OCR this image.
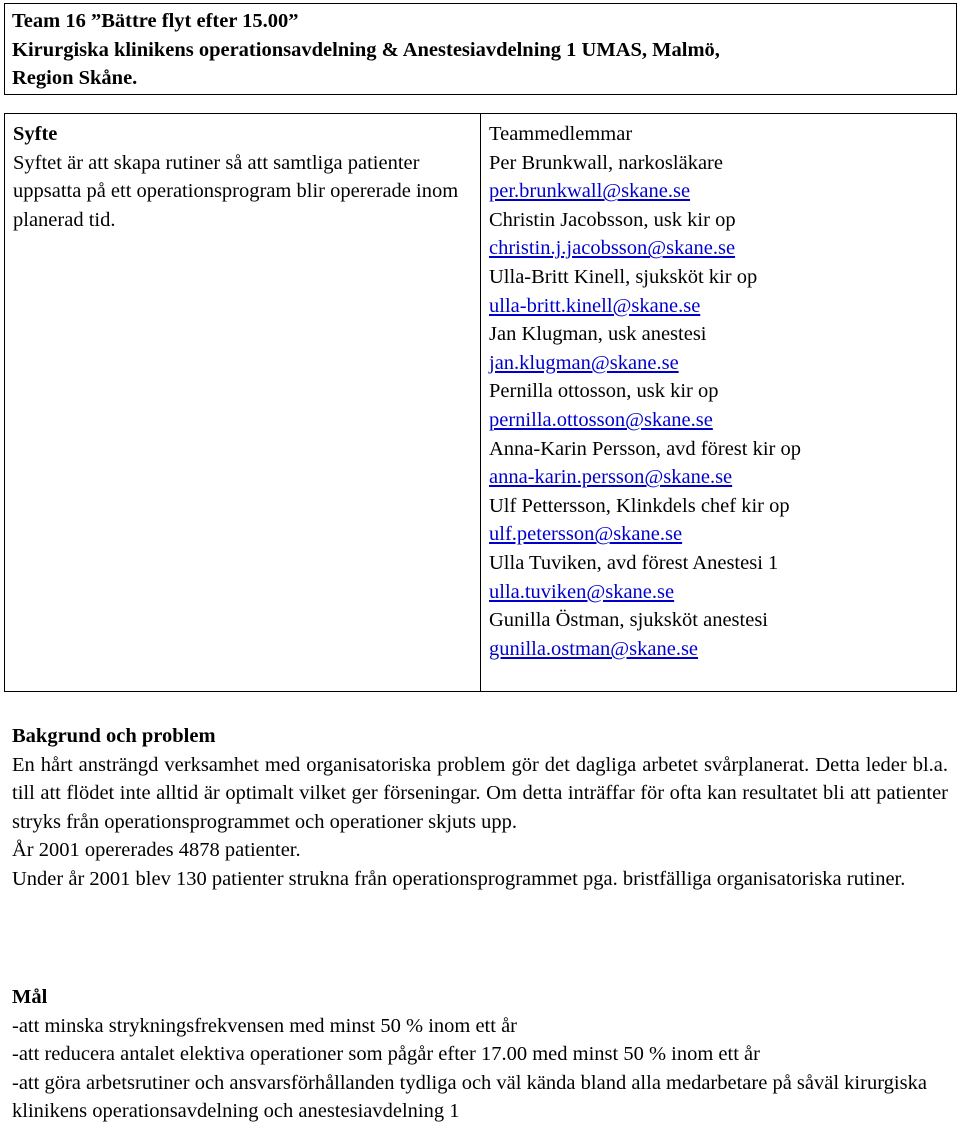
Team 16 ”Bättre flyt efter 15.00”
Kirurgiska klinikens operationsavdelning & Anestesiavdelning 1 UMAS, Malmö,
Region Skåne.
Syfte

Syftet är att skapa rutiner så att samtliga patienter uppsatta på ett operationsprogram blir opererade inom planerad tid.

Teammedlemmar
Per Brunkwall, narkosläkare
per.brunkwall@skane.se
Christin Jacobsson, usk kir op
christin.j.jacobsson@skane.se
Ulla-Britt Kinell, sjuksköt kir op
ulla-britt.kinell@skane.se
Jan Klugman, usk anestesi
jan.klugman@skane.se
Pernilla ottosson, usk kir op
pernilla.ottosson@skane.se
Anna-Karin Persson, avd förest kir op
anna-karin.persson@skane.se
Ulf Pettersson, Klinkdels chef kir op
ulf.petersson@skane.se
Ulla Tuviken, avd förest Anestesi 1
ulla.tuviken@skane.se
Gunilla Östman, sjuksköt anestesi
gunilla.ostman@skane.se
Bakgrund och problem

En hårt ansträngd verksamhet med organisatoriska problem gör det dagliga arbetet svårplanerat. Detta leder bl.a. till att flödet inte alltid är optimalt vilket ger förseningar. Om detta inträffar för ofta kan resultatet bli att patienter stryks från operationsprogrammet och operationer skjuts upp.

År 2001 opererades 4878 patienter.

Under år 2001 blev 130 patienter strukna från operationsprogrammet pga. bristfälliga organisatoriska rutiner.

Mål

-att minska strykningsfrekvensen med minst 50 % inom ett år

-att reducera antalet elektiva operationer som pågår efter 17.00 med minst 50 % inom ett år

-att göra arbetsrutiner och ansvarsförhållanden tydliga och väl kända bland alla medarbetare på såväl kirurgiska klinikens operationsavdelning och anestesiavdelning 1
